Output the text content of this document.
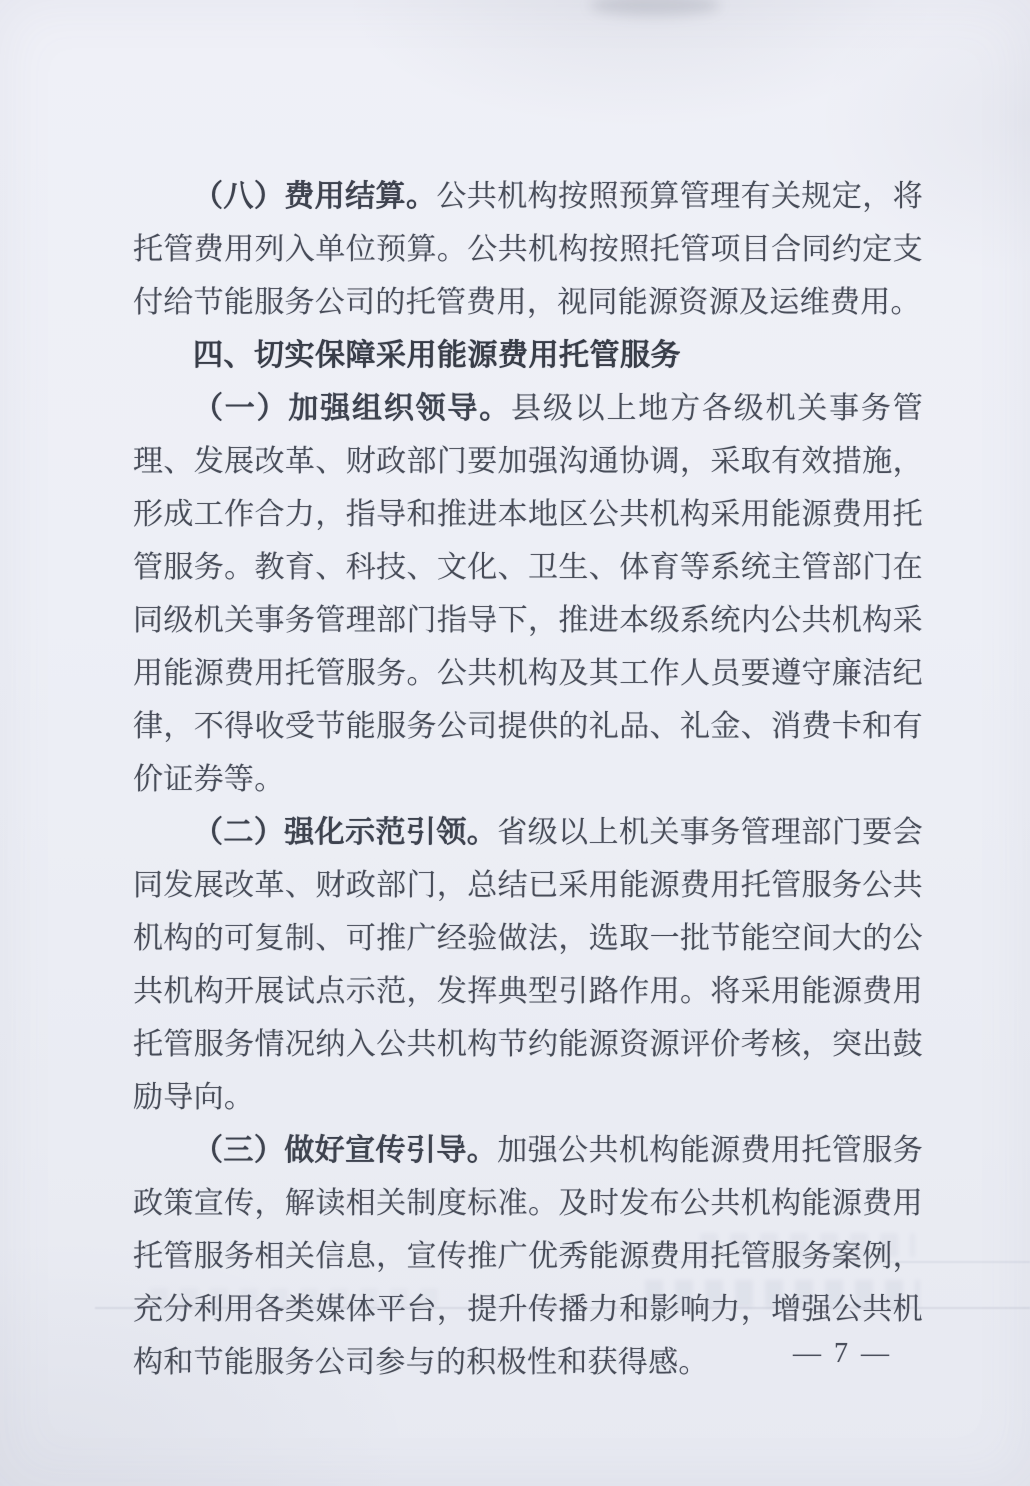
（八）费用结算。公共机构按照预算管理有关规定，将托管费用列入单位预算。公共机构按照托管项目合同约定支付给节能服务公司的托管费用，视同能源资源及运维费用。

四、切实保障采用能源费用托管服务

（一）加强组织领导。县级以上地方各级机关事务管理、发展改革、财政部门要加强沟通协调，采取有效措施，形成工作合力，指导和推进本地区公共机构采用能源费用托管服务。教育、科技、文化、卫生、体育等系统主管部门在同级机关事务管理部门指导下，推进本级系统内公共机构采用能源费用托管服务。公共机构及其工作人员要遵守廉洁纪律，不得收受节能服务公司提供的礼品、礼金、消费卡和有价证券等。

（二）强化示范引领。省级以上机关事务管理部门要会同发展改革、财政部门，总结已采用能源费用托管服务公共机构的可复制、可推广经验做法，选取一批节能空间大的公共机构开展试点示范，发挥典型引路作用。将采用能源费用托管服务情况纳入公共机构节约能源资源评价考核，突出鼓励导向。

（三）做好宣传引导。加强公共机构能源费用托管服务政策宣传，解读相关制度标准。及时发布公共机构能源费用托管服务相关信息，宣传推广优秀能源费用托管服务案例，充分利用各类媒体平台，提升传播力和影响力，增强公共机构和节能服务公司参与的积极性和获得感。	— 7 —
